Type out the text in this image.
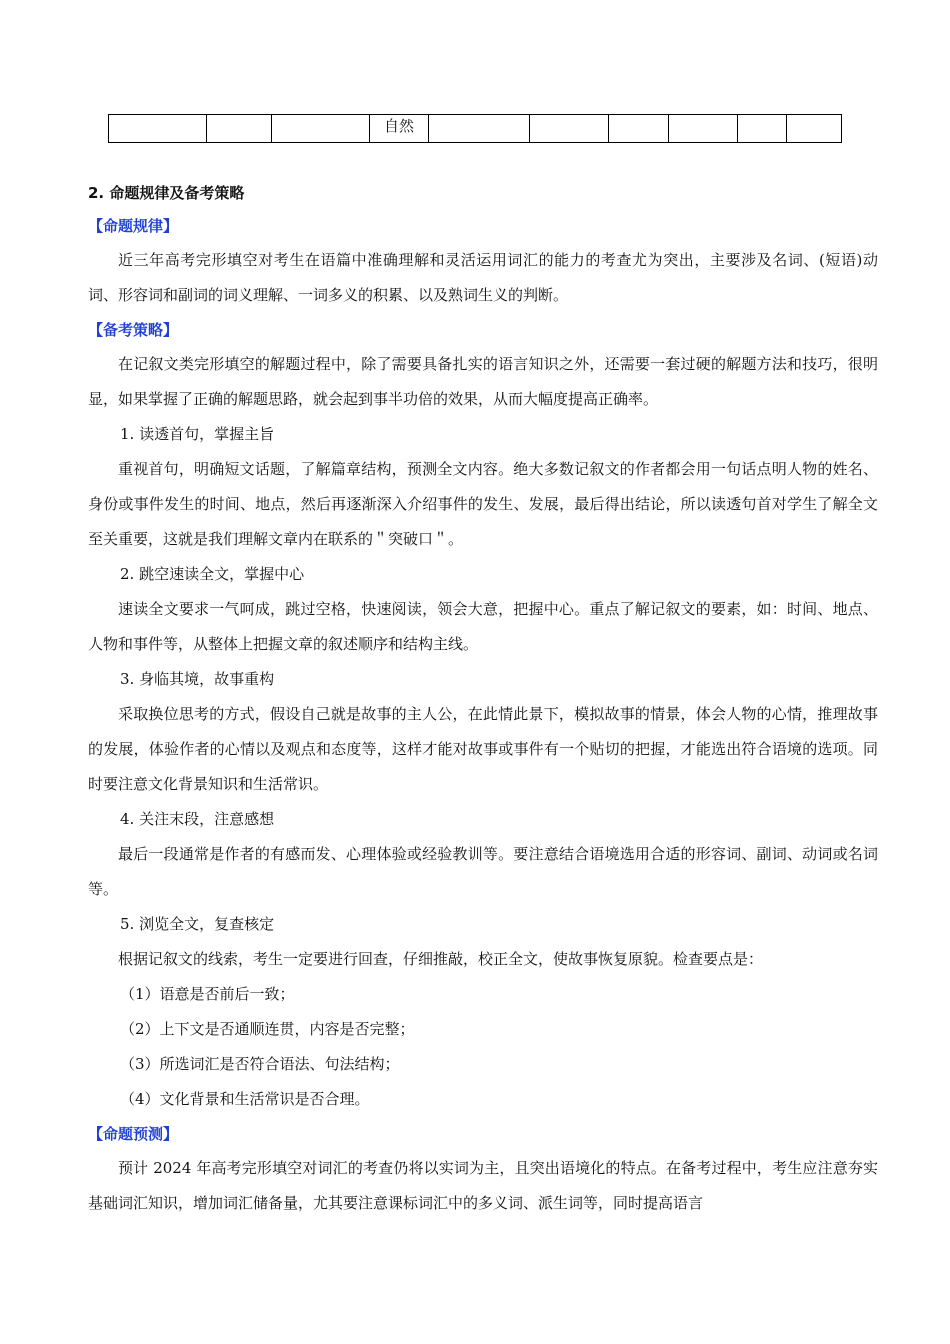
			自然						

2. 命题规律及备考策略

【命题规律】

近三年高考完形填空对考生在语篇中准确理解和灵活运用词汇的能力的考查尤为突出，主要涉及名词、(短语)动词、形容词和副词的词义理解、一词多义的积累、以及熟词生义的判断。

【备考策略】

在记叙文类完形填空的解题过程中，除了需要具备扎实的语言知识之外，还需要一套过硬的解题方法和技巧，很明显，如果掌握了正确的解题思路，就会起到事半功倍的效果，从而大幅度提高正确率。

1. 读透首句，掌握主旨

重视首句，明确短文话题，了解篇章结构，预测全文内容。绝大多数记叙文的作者都会用一句话点明人物的姓名、身份或事件发生的时间、地点，然后再逐渐深入介绍事件的发生、发展，最后得出结论，所以读透句首对学生了解全文至关重要，这就是我们理解文章内在联系的＂突破口＂。

2. 跳空速读全文，掌握中心

速读全文要求一气呵成，跳过空格，快速阅读，领会大意，把握中心。重点了解记叙文的要素，如：时间、地点、人物和事件等，从整体上把握文章的叙述顺序和结构主线。

3. 身临其境，故事重构

采取换位思考的方式，假设自己就是故事的主人公，在此情此景下，模拟故事的情景，体会人物的心情，推理故事的发展，体验作者的心情以及观点和态度等，这样才能对故事或事件有一个贴切的把握，才能选出符合语境的选项。同时要注意文化背景知识和生活常识。

4. 关注末段，注意感想

最后一段通常是作者的有感而发、心理体验或经验教训等。要注意结合语境选用合适的形容词、副词、动词或名词等。

5. 浏览全文，复查核定

根据记叙文的线索，考生一定要进行回查，仔细推敲，校正全文，使故事恢复原貌。检查要点是：

（1）语意是否前后一致；

（2）上下文是否通顺连贯，内容是否完整；

（3）所选词汇是否符合语法、句法结构；

（4）文化背景和生活常识是否合理。

【命题预测】

预计 2024 年高考完形填空对词汇的考查仍将以实词为主，且突出语境化的特点。在备考过程中，考生应注意夯实基础词汇知识，增加词汇储备量，尤其要注意课标词汇中的多义词、派生词等，同时提高语言
